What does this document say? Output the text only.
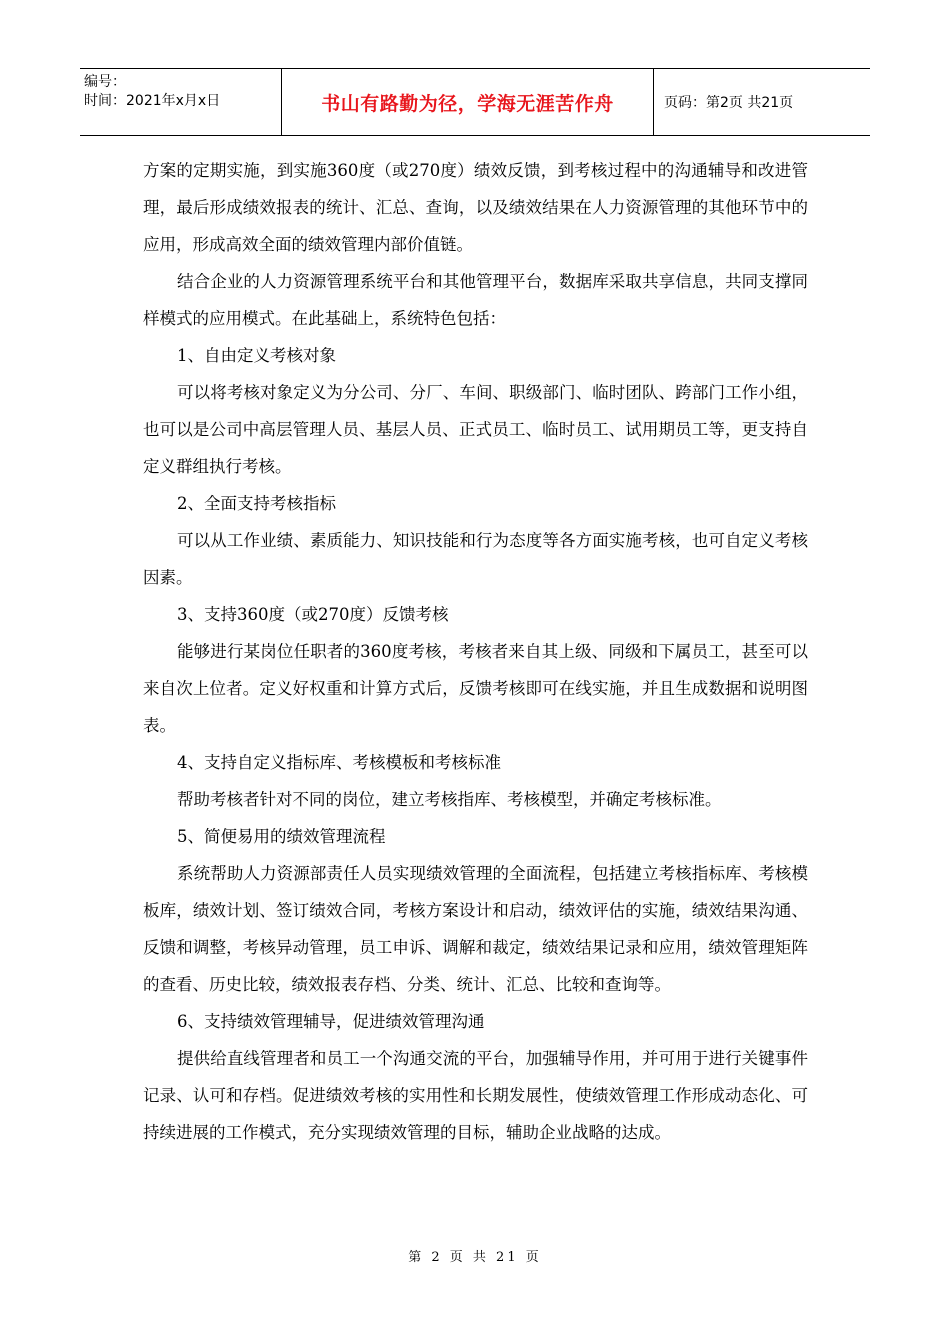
编号：
时间：2021年x月x日	书山有路勤为径，学海无涯苦作舟	页码：第2页 共21页

方案的定期实施，到实施360度（或270度）绩效反馈，到考核过程中的沟通辅导和改进管理，最后形成绩效报表的统计、汇总、查询，以及绩效结果在人力资源管理的其他环节中的应用，形成高效全面的绩效管理内部价值链。

结合企业的人力资源管理系统平台和其他管理平台，数据库采取共享信息，共同支撑同样模式的应用模式。在此基础上，系统特色包括：

1、自由定义考核对象

可以将考核对象定义为分公司、分厂、车间、职级部门、临时团队、跨部门工作小组，也可以是公司中高层管理人员、基层人员、正式员工、临时员工、试用期员工等，更支持自定义群组执行考核。

2、全面支持考核指标

可以从工作业绩、素质能力、知识技能和行为态度等各方面实施考核，也可自定义考核因素。

3、支持360度（或270度）反馈考核

能够进行某岗位任职者的360度考核，考核者来自其上级、同级和下属员工，甚至可以来自次上位者。定义好权重和计算方式后，反馈考核即可在线实施，并且生成数据和说明图表。

4、支持自定义指标库、考核模板和考核标准

帮助考核者针对不同的岗位，建立考核指库、考核模型，并确定考核标准。

5、简便易用的绩效管理流程

系统帮助人力资源部责任人员实现绩效管理的全面流程，包括建立考核指标库、考核模板库，绩效计划、签订绩效合同，考核方案设计和启动，绩效评估的实施，绩效结果沟通、反馈和调整，考核异动管理，员工申诉、调解和裁定，绩效结果记录和应用，绩效管理矩阵的查看、历史比较，绩效报表存档、分类、统计、汇总、比较和查询等。

6、支持绩效管理辅导，促进绩效管理沟通

提供给直线管理者和员工一个沟通交流的平台，加强辅导作用，并可用于进行关键事件记录、认可和存档。促进绩效考核的实用性和长期发展性，使绩效管理工作形成动态化、可持续进展的工作模式，充分实现绩效管理的目标，辅助企业战略的达成。

第 2 页 共 21 页
